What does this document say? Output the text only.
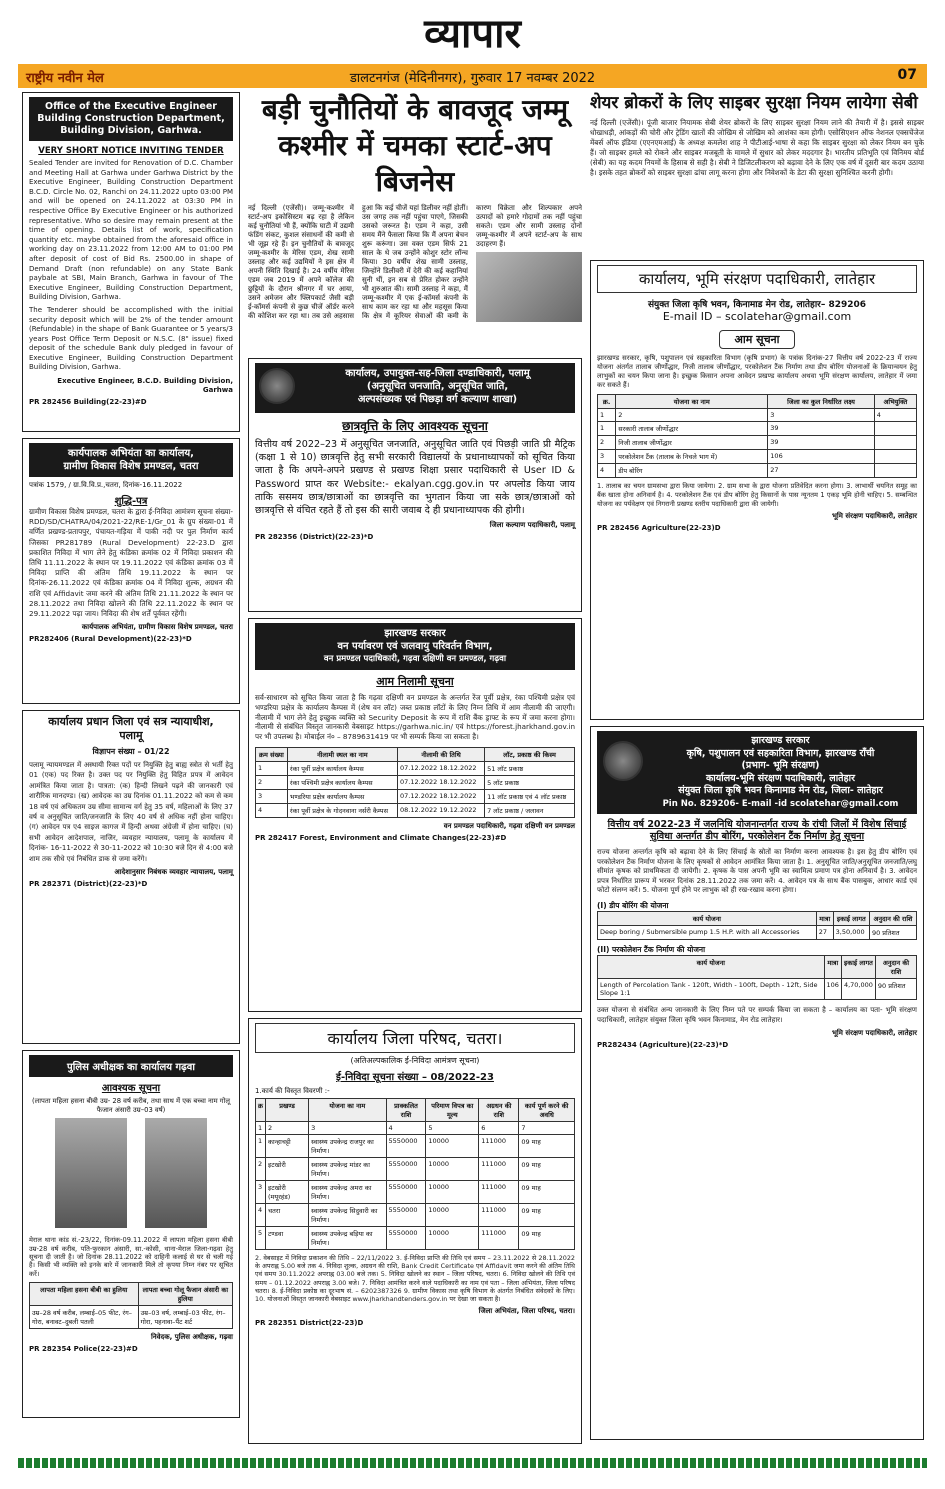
व्यापार
राष्ट्रीय नवीन मेल	डालटनगंज (मेदिनीनगर), गुरुवार 17 नवम्बर 2022	07
Office of the Executive Engineer
Building Construction Department,
Building Division, Garhwa.
VERY SHORT NOTICE INVITING TENDER

Sealed Tender are invited for Renovation of D.C. Chamber and Meeting Hall at Garhwa under Garhwa District by the Executive Engineer, Building Construction Department B.C.D. Circle No. 02, Ranchi on 24.11.2022 upto 03:00 PM and will be opened on 24.11.2022 at 03:30 PM in respective Office By Executive Engineer or his authorized representative. Who so desire may remain present at the time of opening. Details list of work, specification quantity etc. maybe obtained from the aforesaid office in working day on 23.11.2022 from 12:00 AM to 01:00 PM after deposit of cost of Bid Rs. 2500.00 in shape of Demand Draft (non refundable) on any State Bank paybale at SBI, Main Branch, Garhwa in favour of The Executive Engineer, Building Construction Department, Building Division, Garhwa.

The Tenderer should be accomplished with the initial security deposit which will be 2% of the tender amount (Refundable) in the shape of Bank Guarantee or 5 years/3 years Post Office Term Deposit or N.S.C. (8" issue) fixed deposit of the schedule Bank duly pledged in favour of Executive Engineer, Building Construction Department Building Division, Garhwa.

Executive Engineer, B.C.D. Building Division, Garhwa
PR 282456 Building(22-23)#D
कार्यपालक अभियंता का कार्यालय,
ग्रामीण विकास विशेष प्रमण्डल, चतरा
पत्रांक 1579, / ग्रा.वि.वि.प्र.,चतरा, दिनांक-16.11.2022
शुद्धि-पत्र

ग्रामीण विकास विशेष प्रमण्डल, चतरा के द्वारा ई-निविदा आमंत्रण सूचना संख्या-RDD/SD/CHATRA/04/2021-22/RE-1/Gr_01 के ग्रुप संख्या-01 में वर्णित प्रखण्ड-प्रतापपुर, पंचायत-गड़िया में पाकी नदी पर पुल निर्माण कार्य जिसका PR281789 (Rural Development) 22-23.D द्वारा प्रकाशित निविदा में भाग लेने हेतु कंडिका क्रमांक 02 में निविदा प्रकाशन की तिथि 11.11.2022 के स्थान पर 19.11.2022 एवं कंडिका क्रमांक 03 में निविदा प्राप्ति की अंतिम तिथि 19.11.2022 के स्थान पर दिनांक-26.11.2022 एवं कंडिका क्रमांक 04 में निविदा शुल्क, अग्रधन की राशि एवं Affidavit जमा करने की अंतिम तिथि 21.11.2022 के स्थान पर 28.11.2022 तथा निविदा खोलने की तिथि 22.11.2022 के स्थान पर 29.11.2022 पढ़ा जाय। निविदा की शेष शर्तें पूर्ववत रहेंगी।

कार्यपालक अभियंता, ग्रामीण विकास विशेष प्रमण्डल, चतरा
PR282406 (Rural Development)(22-23)*D
कार्यालय प्रधान जिला एवं सत्र न्यायाधीश,
पलामू
विज्ञापन संख्या – 01/22

पलामू न्यायमण्डल में अस्थायी रिक्त पदों पर नियुक्ति हेतु बाह्य स्त्रोत से भर्ती हेतु 01 (एक) पद रिक्त है। उक्त पद पर नियुक्ति हेतु विहित प्रपत्र में आवेदन आमंत्रित किया जाता है। पात्रता: (क) हिन्दी लिखने पढ़ने की जानकारी एवं शारीरिक मानदण्ड। (ख) आवेदक का उम्र दिनांक 01.11.2022 को कम से कम 18 वर्ष एवं अधिकतम उम्र सीमा सामान्य वर्ग हेतु 35 वर्ष, महिलाओं के लिए 37 वर्ष व अनुसूचित जाति/जनजाति के लिए 40 वर्ष से अधिक नहीं होना चाहिए। (ग) आवेदन पत्र ए4 साइज कागज में हिन्दी अथवा अंग्रेजी में होना चाहिए। (घ) सभी आवेदन आदेशपाल, नाजिर, व्यवहार न्यायालय, पलामू के कार्यालय में दिनांक- 16-11-2022 से 30-11-2022 को 10:30 बजे दिन से 4:00 बजे शाम तक सीधे एवं निबंधित डाक से जमा करेंगे।

आदेशानुसार निबंधक व्यवहार न्यायालय, पलामू
PR 282371 (District)(22-23)*D
पुलिस अधीक्षक का कार्यालय गढ़वा
आवश्यक सूचना
(लापता महिला हसना बीबी उम्र- 28 वर्ष करीब, तथा साथ में एक बच्चा नाम गोलू फैजान अंसारी उम्र–03 वर्ष)

मेराल थाना कांड सं.-23/22, दिनांक-09.11.2022 में लापता महिला हसना बीबी उम्र-28 वर्ष करीब, पति-फुरकान अंसारी, सा.-कोसी, थाना-मेराल जिला-गढ़वा हेतु सूचना दी जाती है। जो दिनांक 28.11.2022 को दाहिनी कलाई से घर से चली गई है। किसी भी व्यक्ति को इनके बारे में जानकारी मिले तो कृपया निम्न नंबर पर सूचित करें।

लापता महिला हसना बीबी का हुलिया	लापता बच्चा गोलू फैजान अंसारी का हुलिया
उम्र–28 वर्ष करीब, लम्बाई–05 फीट, रंग–गोरा, बनावट–दुबली पतली	उम्र–03 वर्ष, लम्बाई–03 फीट, रंग–गोरा, पहनावा–पैंट शर्ट
निवेदक, पुलिस अधीक्षक, गढ़वा
PR 282354 Police(22-23)#D
बड़ी चुनौतियों के बावजूद जम्मू कश्मीर में चमका स्टार्ट-अप बिजनेस
नई दिल्ली (एजेंसी)। जम्मू-कश्मीर में स्टार्ट-अप इकोसिस्टम बढ़ रहा है लेकिन कई चुनौतियां भी हैं, क्योंकि घाटी में उद्यमी फंडिंग संकट, कुशल संसाधनों की कमी से भी जूझ रहे हैं। इन चुनौतियों के बावजूद जम्मू-कश्मीर के मेरिस एडम, शेख सामी उस्लाह और कई उद्यमियों ने इस क्षेत्र में अपनी स्थिति दिखाई है। 24 वर्षीय मेरिस एडम जब 2019 में अपने कॉलेज की छुट्टियों के दौरान श्रीनगर में घर आया, उसने अमेजन और फ्लिपकार्ट जैसी बड़ी ई-कॉमर्स कंपनी से कुछ चीजें ऑर्डर करने की कोशिश कर रहा था। तब उसे अहसास हुआ कि कई चीजें यहां डिलीवर नहीं होतीं। उस जगह तक नहीं पहुंचा पाएगे, जिसकी उसको जरूरत है। एडम ने कहा, उसी समय मैंने फैसला किया कि मैं अपना बेचन शुरू करूंगा। उस वक्त एडम सिर्फ 21 साल के थे जब उन्होंने कोशुर स्टोर लॉन्च किया। 30 वर्षीय शेख सामी उस्लाह, जिन्होंने डिलीवरी में देरी की कई कहानियां सुनी थीं, इन सब से प्रेरित होकर उन्होंने भी शुरुआत की। सामी उस्लाह ने कहा, मैं जम्मू-कश्मीर में एक ई-कॉमर्स कंपनी के साथ काम कर रहा था और महसूस किया कि क्षेत्र में कूरियर सेवाओं की कमी के कारण विक्रेता और शिल्पकार अपने उत्पादों को हमारे गोदामों तक नहीं पहुंचा सकते। एडम और सामी उस्लाह दोनों जम्मू-कश्मीर में अपने स्टार्ट-अप के साथ उदाहरण हैं।
कार्यालय, उपायुक्त-सह-जिला दण्डाधिकारी, पलामू
(अनुसूचित जनजाति, अनुसूचित जाति,
अल्पसंख्यक एवं पिछड़ा वर्ग कल्याण शाखा)
छात्रवृत्ति के लिए आवश्यक सूचना

वित्तीय वर्ष 2022–23 में अनुसूचित जनजाति, अनुसूचित जाति एवं पिछड़ी जाति प्री मैट्रिक (कक्षा 1 से 10) छात्रवृत्ति हेतु सभी सरकारी विद्यालयों के प्रधानाध्यापकों को सूचित किया जाता है कि अपने-अपने प्रखण्ड से प्रखण्ड शिक्षा प्रसार पदाधिकारी से User ID & Password प्राप्त कर Website:- ekalyan.cgg.gov.in पर अपलोड किया जाय ताकि ससमय छात्र/छात्राओं का छात्रवृत्ति का भुगतान किया जा सके छात्र/छात्राओं को छात्रवृत्ति से वंचित रहते हैं तो इस की सारी जवाब दे ही प्रधानाध्यापक की होगी।

जिला कल्याण पदाधिकारी, पलामू
PR 282356 (District)(22-23)*D
झारखण्ड सरकार
वन पर्यावरण एवं जलवायु परिवर्तन विभाग,
वन प्रमण्डल पदाधिकारी, गढ़वा दक्षिणी वन प्रमण्डल, गढ़वा
आम निलामी सूचना

सर्व-साधारण को सूचित किया जाता है कि गढ़वा दक्षिणी वन प्रमण्डल के अन्तर्गत रेंज पूर्वी प्रक्षेत्र, रंका पश्चिमी प्रक्षेत्र एवं भण्डरिया प्रक्षेत्र के कार्यालय कैम्पस में (शेष वन लॉट) जब्त प्रकाष्ठ लॉटों के लिए निम्न तिथि में आम नीलामी की जाएगी। नीलामी में भाग लेने हेतु इच्छुक व्यक्ति को Security Deposit के रूप में राशि बैंक ड्राफ्ट के रूप में जमा करना होगा। नीलामी से संबंधित विस्तृत जानकारी वेबसाइट https://garhwa.nic.in/ एवं https://forest.jharkhand.gov.in पर भी उपलब्ध है। मोबाईल नं० – 8789631419 पर भी सम्पर्क किया जा सकता है।

क्रम संख्या	नीलामी स्थल का नाम	नीलामी की तिथि	लॉट, प्रकाष्ठ की किस्म
1	रंका पूर्वी प्रक्षेत्र कार्यालय कैम्पस	07.12.2022 18.12.2022	51 लॉट प्रकाष्ठ
2	रंका पश्चिमी प्रक्षेत्र कार्यालय कैम्पस	07.12.2022 18.12.2022	5 लॉट प्रकाष्ठ
3	भण्डरिया प्रक्षेत्र कार्यालय कैम्पस	07.12.2022 18.12.2022	11 लॉट प्रकाष्ठ एवं 4 लॉट प्रकाष्ठ
4	रंका पूर्वी प्रक्षेत्र के गोदनवाना नर्सरी कैम्पस	08.12.2022 19.12.2022	7 लॉट प्रकाष्ठ / जलावन
वन प्रमण्डल पदाधिकारी, गढ़वा दक्षिणी वन प्रमण्डल
PR 282417 Forest, Environment and Climate Changes(22-23)#D
कार्यालय जिला परिषद, चतरा।
(अतिअल्पकालिक ई-निविदा आमंत्रण सूचना)
ई-निविदा सूचना संख्या – 08/2022-23
1.कार्य की विस्तृत विवरणी :-
क्र	प्रखण्ड	योजना का नाम	प्राक्कलित राशि	परिमाण विपत्र का मूल्य	अग्रधन की राशि	कार्य पूर्ण करने की अवधि
1	2	3	4	5	6	7
1	कान्हाचट्टी	स्वास्थ्य उपकेन्द्र राजपुर का निर्माण।	5550000	10000	111000	09 माह
2	इटखोरी	स्वास्थ्य उपकेन्द्र मांडर का निर्माण।	5550000	10000	111000	09 माह
3	इटखोरी (मयूरहंड)	स्वास्थ्य उपकेन्द्र अमरा का निर्माण।	5550000	10000	111000	09 माह
4	चतरा	स्वास्थ्य उपकेन्द्र सिदुवारी का निर्माण।	5550000	10000	111000	09 माह
5	टण्डवा	स्वास्थ्य उपकेन्द्र बड़िया का निर्माण।	5550000	10000	111000	09 माह

2. वेबसाइट में निविदा प्रकाशन की तिथि – 22/11/2022 3. ई-निविदा प्राप्ति की तिथि एवं समय – 23.11.2022 से 28.11.2022 के अपराह्न 5.00 बजे तक 4. निविदा शुल्क, अग्रधन की राशि, Bank Credit Certificate एवं Affidavit जमा करने की अंतिम तिथि एवं समय 30.11.2022 अपराह्न 03.00 बजे तक। 5. निविदा खोलने का स्थान – जिला परिषद, चतरा। 6. निविदा खोलने की तिथि एवं समय – 01.12.2022 अपराह्न 3.00 बजे। 7. निविदा आमंत्रित करने वाले पदाधिकारी का नाम एवं पता – जिला अभियंता, जिला परिषद चतरा। 8. ई-निविदा प्रकोष्ठ का दूरभाष सं. – 6202387326 9. ग्रामीण विकास तथा कृषि विभाग के अंतर्गत निबंधित संवेदकों के लिए। 10. योजनाओं विस्तृत जानकारी वेबसाइट www.jharkhandtenders.gov.in पर देखा जा सकता है।

जिला अभियंता, जिला परिषद, चतरा।
PR 282351 District(22-23)D
शेयर ब्रोकरों के लिए साइबर सुरक्षा नियम लायेगा सेबी

नई दिल्ली (एजेंसी)। पूंजी बाजार नियामक सेबी शेयर ब्रोकरों के लिए साइबर सुरक्षा नियम लाने की तैयारी में है। इससे साइबर धोखाधड़ी, आंकड़ों की चोरी और ट्रेडिंग खातों की जोखिम से जोखिम को आशंका कम होगी। एसोसिएशन ऑफ नेशनल एक्सचेंजेज मेंबर्स ऑफ इंडिया (एएनएमआई) के अध्यक्ष कमलेश शाह ने पीटीआई-भाषा से कहा कि साइबर सुरक्षा को लेकर नियम बन चुके हैं। जो साइबर हमले को रोकने और साइबर मजबूती के मामले में सुधार को लेकर मददगार है। भारतीय प्रतिभूति एवं विनिमय बोर्ड (सेबी) का यह कदम नियमों के हिसाब से सही है। सेबी ने डिजिटलीकरण को बढ़ावा देने के लिए एक वर्ष में दूसरी बार कदम उठाया है। इसके तहत ब्रोकरों को साइबर सुरक्षा ढांचा लागू करना होगा और निवेशकों के डेटा की सुरक्षा सुनिश्चित करनी होगी।

कार्यालय, भूमि संरक्षण पदाधिकारी, लातेहार
संयुक्त जिला कृषि भवन, किनामाड मेन रोड, लातेहार– 829206
E-mail ID – scolatehar@gmail.com
आम सूचना

झारखण्ड सरकार, कृषि, पशुपालन एवं सहकारिता विभाग (कृषि प्रभाग) के पत्रांक दिनांक-27 वित्तीय वर्ष 2022-23 में राज्य योजना अंतर्गत तालाब जीर्णोद्धार, निजी तालाब जीर्णोद्धार, परकोलेशन टैंक निर्माण तथा डीप बोरिंग योजनाओं के क्रियान्वयन हेतु लाभुकों का चयन किया जाना है। इच्छुक किसान अपना आवेदन प्रखण्ड कार्यालय अथवा भूमि संरक्षण कार्यालय, लातेहार में जमा कर सकते हैं।

क्र.	योजना का नाम	जिला का कुल निर्धारित लक्ष्य	अभियुक्ति
1	2	3	4
1	सरकारी तालाब जीर्णोद्धार	39	
2	निजी तालाब जीर्णोद्धार	39	
3	परकोलेशन टैंक (तालाब के निचले भाग में)	106	
4	डीप बोरिंग	27	

1. तालाब का चयन ग्रामसभा द्वारा किया जायेगा। 2. ग्राम सभा के द्वारा योजना प्रतिवेदित करना होगा। 3. लाभार्थी चयनित समूह का बैंक खाता होना अनिवार्य है। 4. परकोलेशन टैंक एवं डीप बोरिंग हेतु किसानों के पास न्यूनतम 1 एकड़ भूमि होनी चाहिए। 5. सम्बन्धित योजना का पर्यवेक्षण एवं निगरानी प्रखण्ड स्तरीय पदाधिकारी द्वारा की जायेगी।

भूमि संरक्षण पदाधिकारी, लातेहार
PR 282456 Agriculture(22-23)D
झारखण्ड सरकार
कृषि, पशुपालन एवं सहकारिता विभाग, झारखण्ड राँची
(प्रभाग- भूमि संरक्षण)
कार्यालय-भूमि संरक्षण पदाधिकारी, लातेहार
संयुक्त जिला कृषि भवन किनामाड मेन रोड, जिला- लातेहार
Pin No. 829206- E-mail -id scolatehar@gmail.com
वित्तीय वर्ष 2022-23 में जलनिधि योजनान्तर्गत राज्य के रांची जिलों में विशेष सिंचाई सुविधा अन्तर्गत डीप बोरिंग, परकोलेशन टैंक निर्माण हेतु सूचना

राज्य योजना अन्तर्गत कृषि को बढ़ावा देने के लिए सिंचाई के स्रोतों का निर्माण करना आवश्यक है। इस हेतु डीप बोरिंग एवं परकोलेशन टैंक निर्माण योजना के लिए कृषकों से आवेदन आमंत्रित किया जाता है। 1. अनुसूचित जाति/अनुसूचित जनजाति/लघु सीमांत कृषक को प्राथमिकता दी जायेगी। 2. कृषक के पास अपनी भूमि का स्वामित्व प्रमाण पत्र होना अनिवार्य है। 3. आवेदन प्रपत्र निर्धारित प्रारूप में भरकर दिनांक 28.11.2022 तक जमा करें। 4. आवेदन पत्र के साथ बैंक पासबुक, आधार कार्ड एवं फोटो संलग्न करें। 5. योजना पूर्ण होने पर लाभुक को ही रख-रखाव करना होगा।

(I) डीप बोरिंग की योजना
कार्य योजना	मात्रा	इकाई लागत	अनुदान की राशि
Deep boring / Submersible pump 1.5 H.P. with all Accessories	27	3,50,000	90 प्रतिशत
(II) परकोलेशन टैंक निर्माण की योजना
कार्य योजना	मात्रा	इकाई लागत	अनुदान की राशि
Length of Percolation Tank - 120ft, Width - 100ft, Depth - 12ft, Side Slope 1:1	106	4,70,000	90 प्रतिशत

उक्त योजना से संबंधित अन्य जानकारी के लिए निम्न पते पर सम्पर्क किया जा सकता है – कार्यालय का पता- भूमि संरक्षण पदाधिकारी, लातेहार संयुक्त जिला कृषि भवन किनामाड, मेन रोड लातेहार।

भूमि संरक्षण पदाधिकारी, लातेहार
PR282434 (Agriculture)(22-23)*D
